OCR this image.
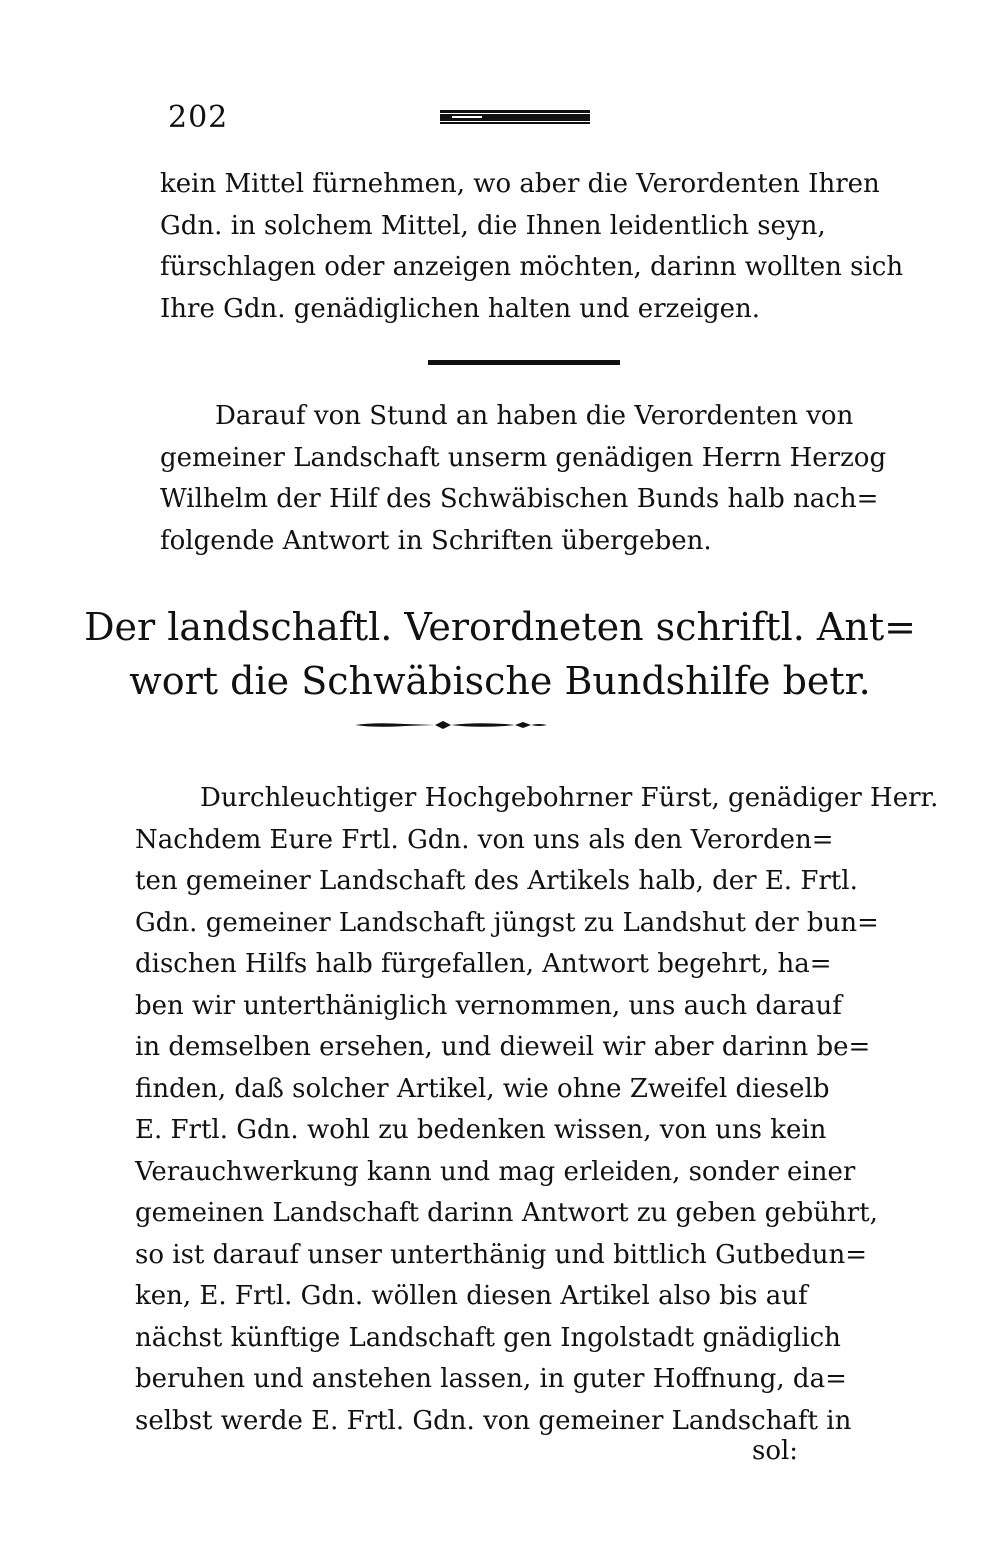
202
kein Mittel fürnehmen, wo aber die Verordenten Ihren
Gdn. in solchem Mittel, die Ihnen leidentlich seyn,
fürschlagen oder anzeigen möchten, darinn wollten sich
Ihre Gdn. genädiglichen halten und erzeigen.
Darauf von Stund an haben die Verordenten von
gemeiner Landschaft unserm genädigen Herrn Herzog
Wilhelm der Hilf des Schwäbischen Bunds halb nach=
folgende Antwort in Schriften übergeben.
Der landschaftl. Verordneten schriftl. Ant=
wort die Schwäbische Bundshilfe betr.
Durchleuchtiger Hochgebohrner Fürst, genädiger Herr.
Nachdem Eure Frtl. Gdn. von uns als den Verorden=
ten gemeiner Landschaft des Artikels halb, der E. Frtl.
Gdn. gemeiner Landschaft jüngst zu Landshut der bun=
dischen Hilfs halb fürgefallen, Antwort begehrt, ha=
ben wir unterthäniglich vernommen, uns auch darauf
in demselben ersehen, und dieweil wir aber darinn be=
finden, daß solcher Artikel, wie ohne Zweifel dieselb
E. Frtl. Gdn. wohl zu bedenken wissen, von uns kein
Verauchwerkung kann und mag erleiden, sonder einer
gemeinen Landschaft darinn Antwort zu geben gebührt,
so ist darauf unser unterthänig und bittlich Gutbedun=
ken, E. Frtl. Gdn. wöllen diesen Artikel also bis auf
nächst künftige Landschaft gen Ingolstadt gnädiglich
beruhen und anstehen lassen, in guter Hoffnung, da=
selbst werde E. Frtl. Gdn. von gemeiner Landschaft in
sol:
